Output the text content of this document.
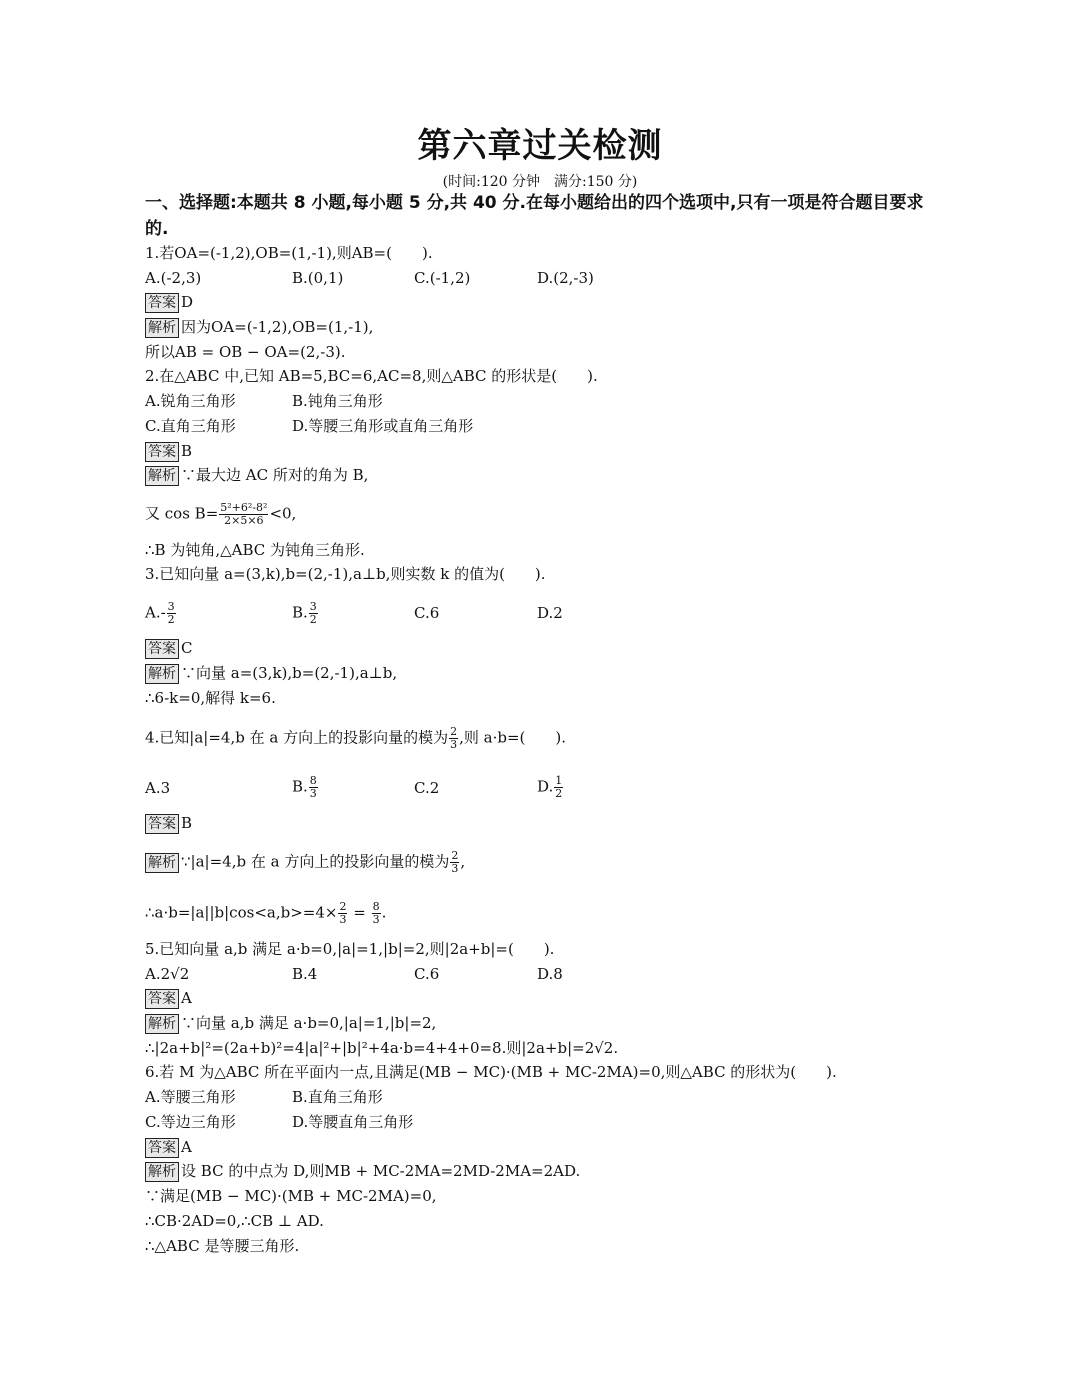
第六章过关检测
(时间:120 分钟　满分:150 分)
一、选择题:本题共 8 小题,每小题 5 分,共 40 分.在每小题给出的四个选项中,只有一项是符合题目要求的.
1.若OA=(-1,2),OB=(1,-1),则AB=(　　).
A.(-2,3)	B.(0,1)	C.(-1,2)	D.(2,-3)
答案 D
解析 因为OA=(-1,2),OB=(1,-1),
所以AB = OB − OA=(2,-3).
2.在△ABC 中,已知 AB=5,BC=6,AC=8,则△ABC 的形状是(　　).
A.锐角三角形	B.钝角三角形
C.直角三角形	D.等腰三角形或直角三角形
答案 B
解析 ∵最大边 AC 所对的角为 B,
又 $\cos B= \frac{\text{5²+6²-8²}}{2\times 5\times 6} <0$,
∴B 为钝角,△ABC 为钝角三角形.
3.已知向量 a=(3,k),b=(2,-1),a⊥b,则实数 k 的值为(　　).
$A.- \frac{3}{2}$	B. $\frac{3}{2}$	C.6	D.2
答案 C
解析 ∵向量 a=(3,k),b=(2,-1),a⊥b,
∴6-k=0,解得 k=6.
4.已知|a|=4,b 在 a 方向上的投影向量的模为 $\frac{2}{3}$ ,则 a·b=(　　).
A.3	B. $\frac{8}{3}$	C.2	D. $\frac{1}{2}$
答案 B
解析 ∵|a|=4,b 在 a 方向上的投影向量的模为 $\frac{2}{3}$ ,
∴a·b=|a||b|cos<a,b>=4× $\frac{2}{3} = \frac{8}{3}$ .
5.已知向量 a,b 满足 a·b=0,|a|=1,|b|=2,则|2a+b|=(　　).
A.2√2	B.4	C.6	D.8
答案 A
解析 ∵向量 a,b 满足 a·b=0,|a|=1,|b|=2,
∴|2a+b|²=(2a+b)²=4|a|²+|b|²+4a·b=4+4+0=8.则|2a+b|=2√2.
6.若 M 为△ABC 所在平面内一点,且满足(MB − MC)·(MB + MC-2MA)=0,则△ABC 的形状为(　　).
A.等腰三角形	B.直角三角形
C.等边三角形	D.等腰直角三角形
答案 A
解析 设 BC 的中点为 D,则MB + MC-2MA=2MD-2MA=2AD.
∵满足(MB − MC)·(MB + MC-2MA)=0,
∴CB·2AD=0,∴CB ⊥ AD.
∴△ABC 是等腰三角形.
